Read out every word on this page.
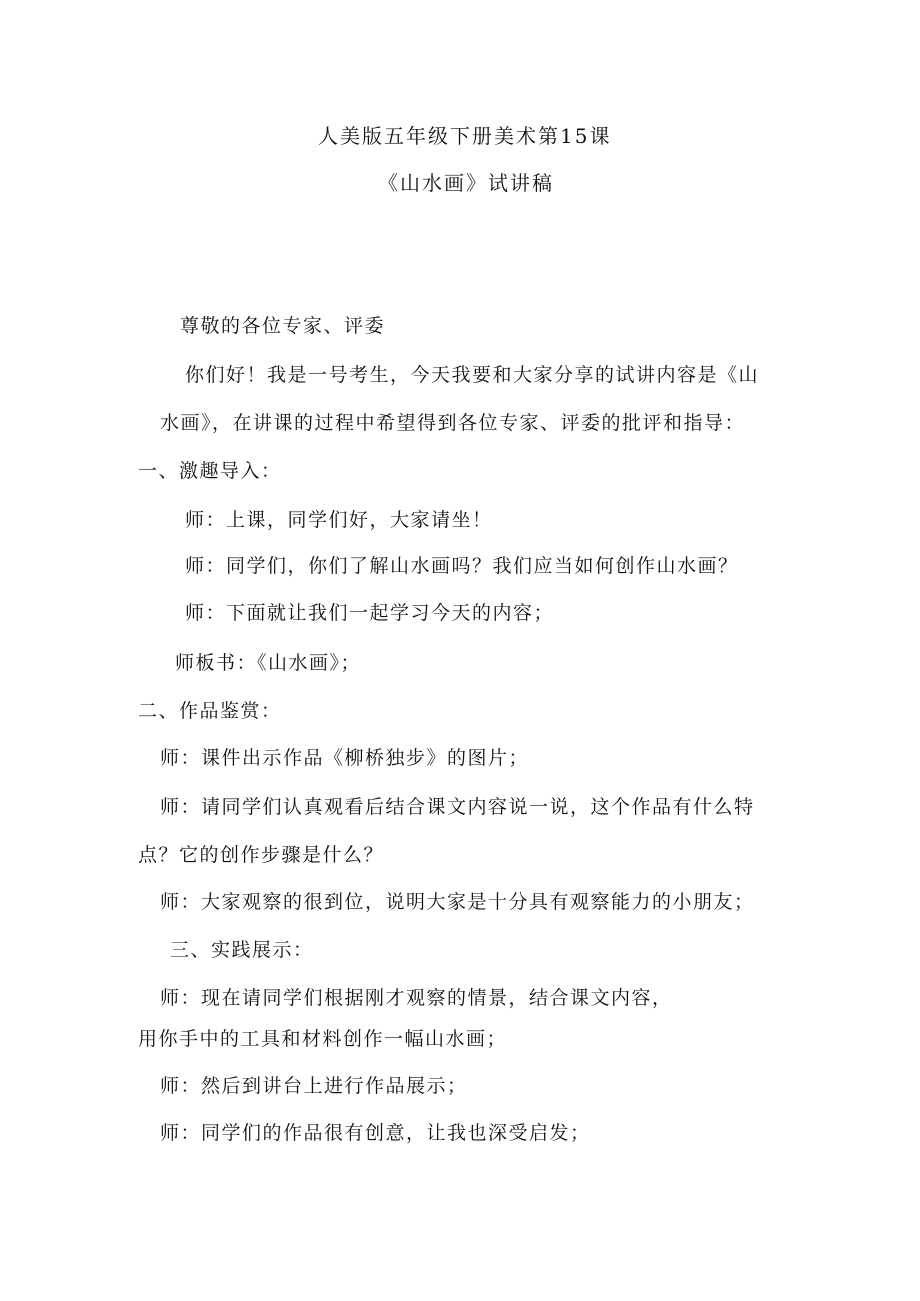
人美版五年级下册美术第15课
《山水画》试讲稿
尊敬的各位专家、评委
你们好！我是一号考生，今天我要和大家分享的试讲内容是《山
水画》，在讲课的过程中希望得到各位专家、评委的批评和指导：
一、激趣导入：
师：上课，同学们好，大家请坐！
师：同学们，你们了解山水画吗？我们应当如何创作山水画？
师：下面就让我们一起学习今天的内容；
师板书：《山水画》；
二、作品鉴赏：
师：课件出示作品《柳桥独步》的图片；
师：请同学们认真观看后结合课文内容说一说，这个作品有什么特
点？它的创作步骤是什么？
师：大家观察的很到位，说明大家是十分具有观察能力的小朋友；
三、实践展示：
师：现在请同学们根据刚才观察的情景，结合课文内容，
用你手中的工具和材料创作一幅山水画；
师：然后到讲台上进行作品展示；
师：同学们的作品很有创意，让我也深受启发；
